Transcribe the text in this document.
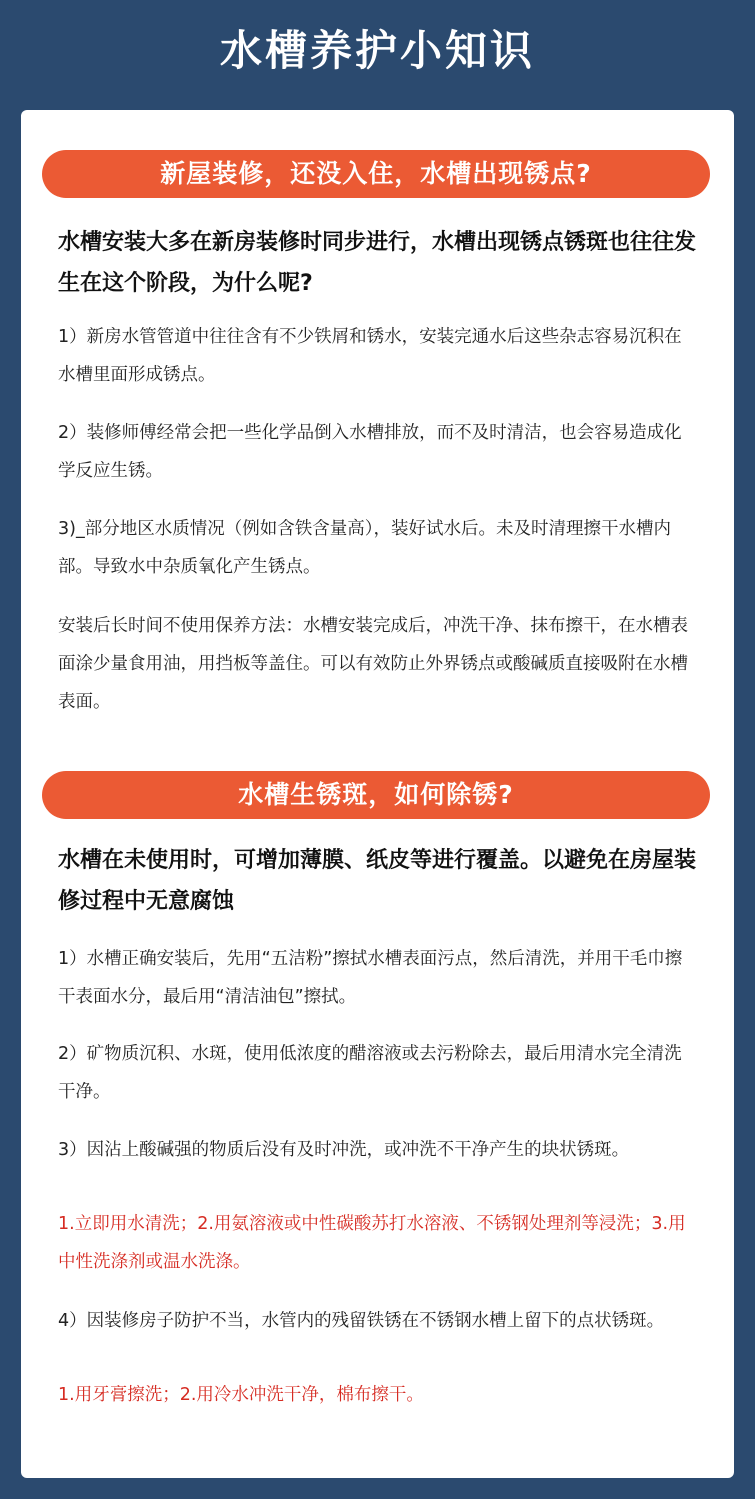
水槽养护小知识
新屋装修，还没入住，水槽出现锈点?

水槽安装大多在新房装修时同步进行，水槽出现锈点锈斑也往往发生在这个阶段，为什么呢?

1）新房水管管道中往往含有不少铁屑和锈水，安装完通水后这些杂志容易沉积在水槽里面形成锈点。

2）装修师傅经常会把一些化学品倒入水槽排放，而不及时清洁，也会容易造成化学反应生锈。

3)_部分地区水质情况（例如含铁含量高），装好试水后。未及时清理擦干水槽内部。导致水中杂质氧化产生锈点。

安装后长时间不使用保养方法：水槽安装完成后，冲洗干净、抹布擦干，在水槽表面涂少量食用油，用挡板等盖住。可以有效防止外界锈点或酸碱质直接吸附在水槽表面。

水槽生锈斑，如何除锈?

水槽在未使用时，可增加薄膜、纸皮等进行覆盖。以避免在房屋装修过程中无意腐蚀

1）水槽正确安装后，先用“五洁粉”擦拭水槽表面污点，然后清洗，并用干毛巾擦干表面水分，最后用“清洁油包”擦拭。

2）矿物质沉积、水斑，使用低浓度的醋溶液或去污粉除去，最后用清水完全清洗干净。

3）因沾上酸碱强的物质后没有及时冲洗，或冲洗不干净产生的块状锈斑。

1.立即用水清洗；2.用氨溶液或中性碳酸苏打水溶液、不锈钢处理剂等浸洗；3.用中性洗涤剂或温水洗涤。

4）因装修房子防护不当，水管内的残留铁锈在不锈钢水槽上留下的点状锈斑。

1.用牙膏擦洗；2.用冷水冲洗干净，棉布擦干。
